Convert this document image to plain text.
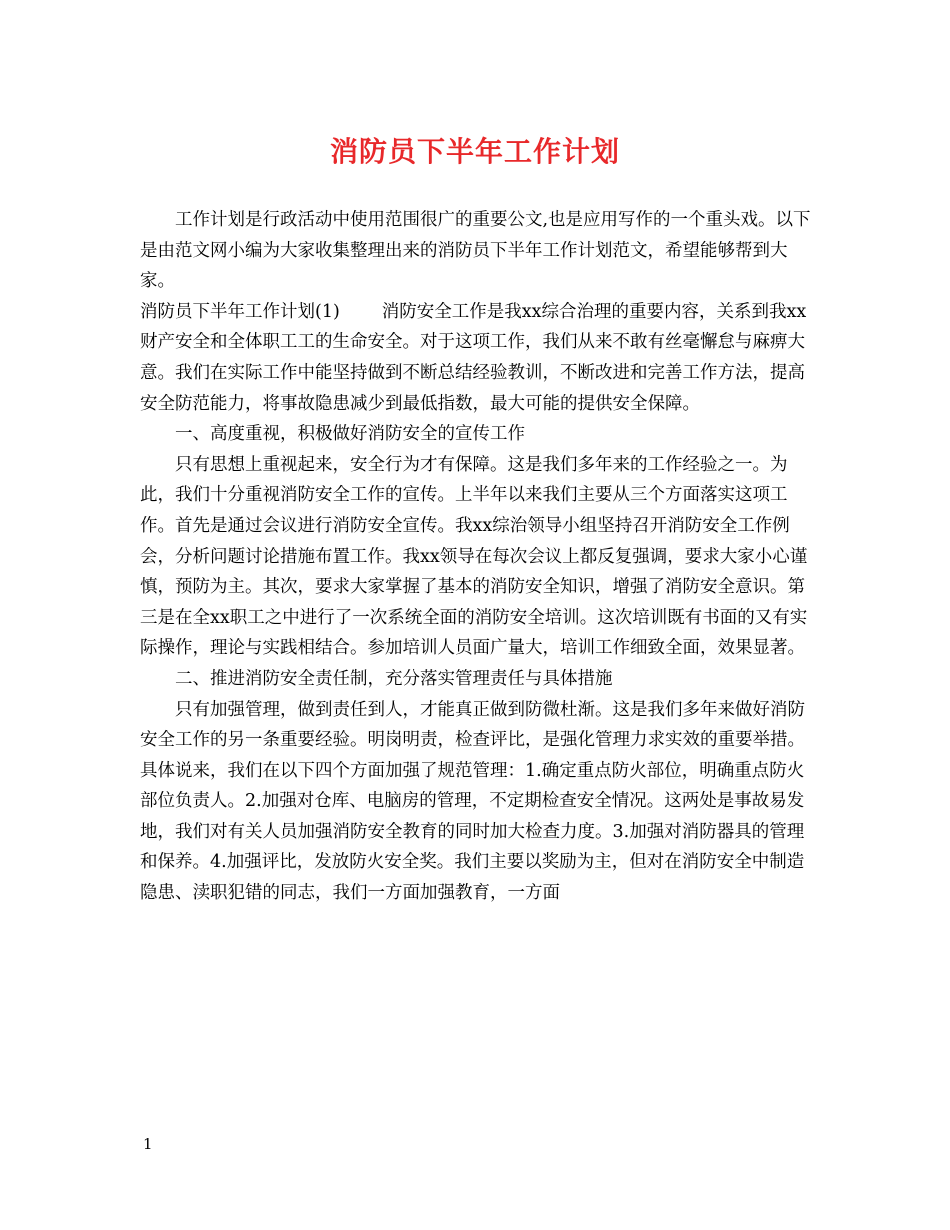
消防员下半年工作计划

工作计划是行政活动中使用范围很广的重要公文,也是应用写作的一个重头戏。以下是由范文网小编为大家收集整理出来的消防员下半年工作计划范文，希望能够帮到大家。

消防员下半年工作计划(1) 消防安全工作是我xx综合治理的重要内容，关系到我xx财产安全和全体职工工的生命安全。对于这项工作，我们从来不敢有丝毫懈怠与麻痹大意。我们在实际工作中能坚持做到不断总结经验教训，不断改进和完善工作方法，提高安全防范能力，将事故隐患减少到最低指数，最大可能的提供安全保障。

一、高度重视，积极做好消防安全的宣传工作

只有思想上重视起来，安全行为才有保障。这是我们多年来的工作经验之一。为此，我们十分重视消防安全工作的宣传。上半年以来我们主要从三个方面落实这项工作。首先是通过会议进行消防安全宣传。我xx综治领导小组坚持召开消防安全工作例会，分析问题讨论措施布置工作。我xx领导在每次会议上都反复强调，要求大家小心谨慎，预防为主。其次，要求大家掌握了基本的消防安全知识，增强了消防安全意识。第三是在全xx职工之中进行了一次系统全面的消防安全培训。这次培训既有书面的又有实际操作，理论与实践相结合。参加培训人员面广量大，培训工作细致全面，效果显著。

二、推进消防安全责任制，充分落实管理责任与具体措施

只有加强管理，做到责任到人，才能真正做到防微杜渐。这是我们多年来做好消防安全工作的另一条重要经验。明岗明责，检查评比，是强化管理力求实效的重要举措。具体说来，我们在以下四个方面加强了规范管理：1.确定重点防火部位，明确重点防火部位负责人。2.加强对仓库、电脑房的管理，不定期检查安全情况。这两处是事故易发地，我们对有关人员加强消防安全教育的同时加大检查力度。3.加强对消防器具的管理和保养。4.加强评比，发放防火安全奖。我们主要以奖励为主，但对在消防安全中制造隐患、渎职犯错的同志，我们一方面加强教育，一方面

1
